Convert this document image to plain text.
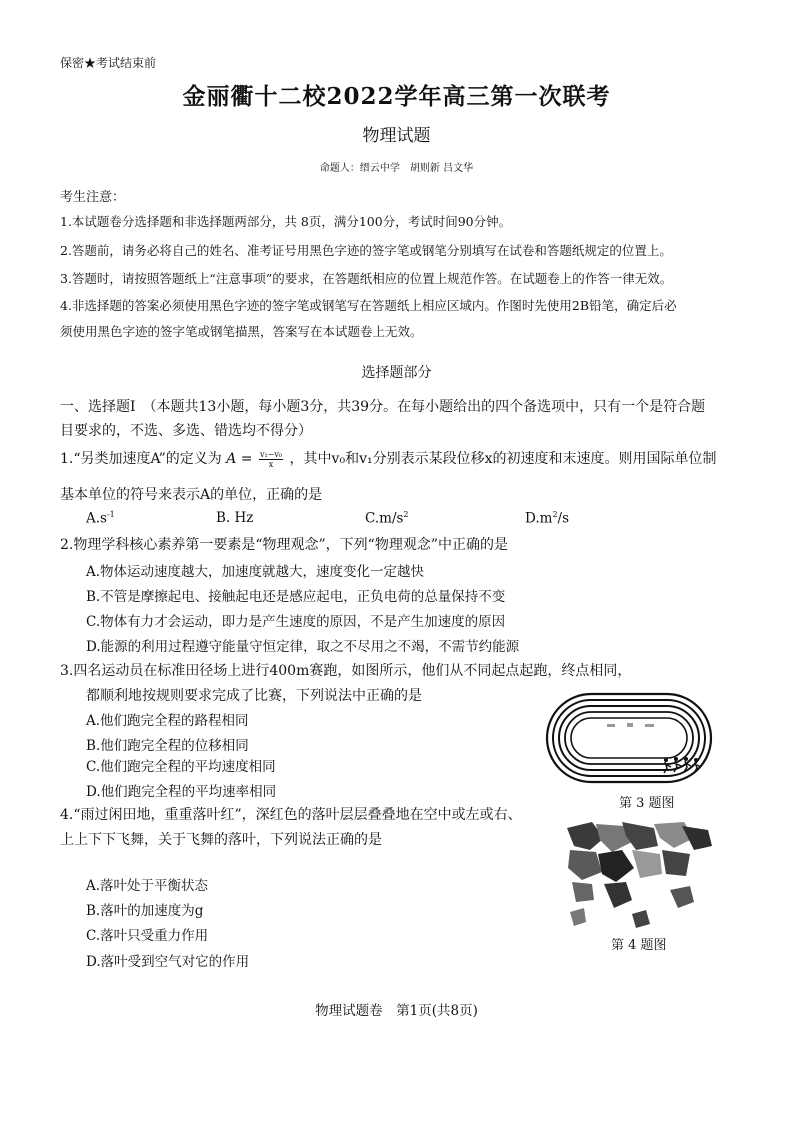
保密★考试结束前
金丽衢十二校2022学年高三第一次联考
物理试题
命题人：缙云中学　胡则新 吕文华
考生注意：
1.本试题卷分选择题和非选择题两部分，共 8页，满分100分，考试时间90分钟。
2.答题前，请务必将自己的姓名、准考证号用黑色字迹的签字笔或钢笔分别填写在试卷和答题纸规定的位置上。
3.答题时，请按照答题纸上“注意事项”的要求，在答题纸相应的位置上规范作答。在试题卷上的作答一律无效。
4.非选择题的答案必须使用黑色字迹的签字笔或钢笔写在答题纸上相应区域内。作图时先使用2B铅笔，确定后必
须使用黑色字迹的签字笔或钢笔描黑，答案写在本试题卷上无效。
选择题部分
一、选择题Ⅰ　（本题共13小题，每小题3分，共39分。在每小题给出的四个备选项中，只有一个是符合题
目要求的，不选、多选、错选均不得分）
1.“另类加速度A”的定义为 $A = \frac{\text{v₁−v₀}}{x}$ ，其中v₀和v₁分别表示某段位移x的初速度和末速度。则用国际单位制
基本单位的符号来表示A的单位，正确的是
$A.s^{-1}$	B. Hz	$C.m/s^2$	$D.m^2/s$
2.物理学科核心素养第一要素是“物理观念”，下列“物理观念”中正确的是
A.物体运动速度越大，加速度就越大，速度变化一定越快
B.不管是摩擦起电、接触起电还是感应起电，正负电荷的总量保持不变
C.物体有力才会运动，即力是产生速度的原因，不是产生加速度的原因
D.能源的利用过程遵守能量守恒定律，取之不尽用之不竭，不需节约能源
3.四名运动员在标准田径场上进行400m赛跑，如图所示，他们从不同起点起跑，终点相同，
都顺利地按规则要求完成了比赛，下列说法中正确的是
A.他们跑完全程的路程相同
B.他们跑完全程的位移相同
C.他们跑完全程的平均速度相同
D.他们跑完全程的平均速率相同
第 3 题图
4.“雨过闲田地，重重落叶红”，深红色的落叶层层叠叠地在空中或左或右、
上上下下飞舞，关于飞舞的落叶，下列说法正确的是
A.落叶处于平衡状态
B.落叶的加速度为g
C.落叶只受重力作用
D.落叶受到空气对它的作用
第 4 题图
物理试题卷　第1页(共8页)
